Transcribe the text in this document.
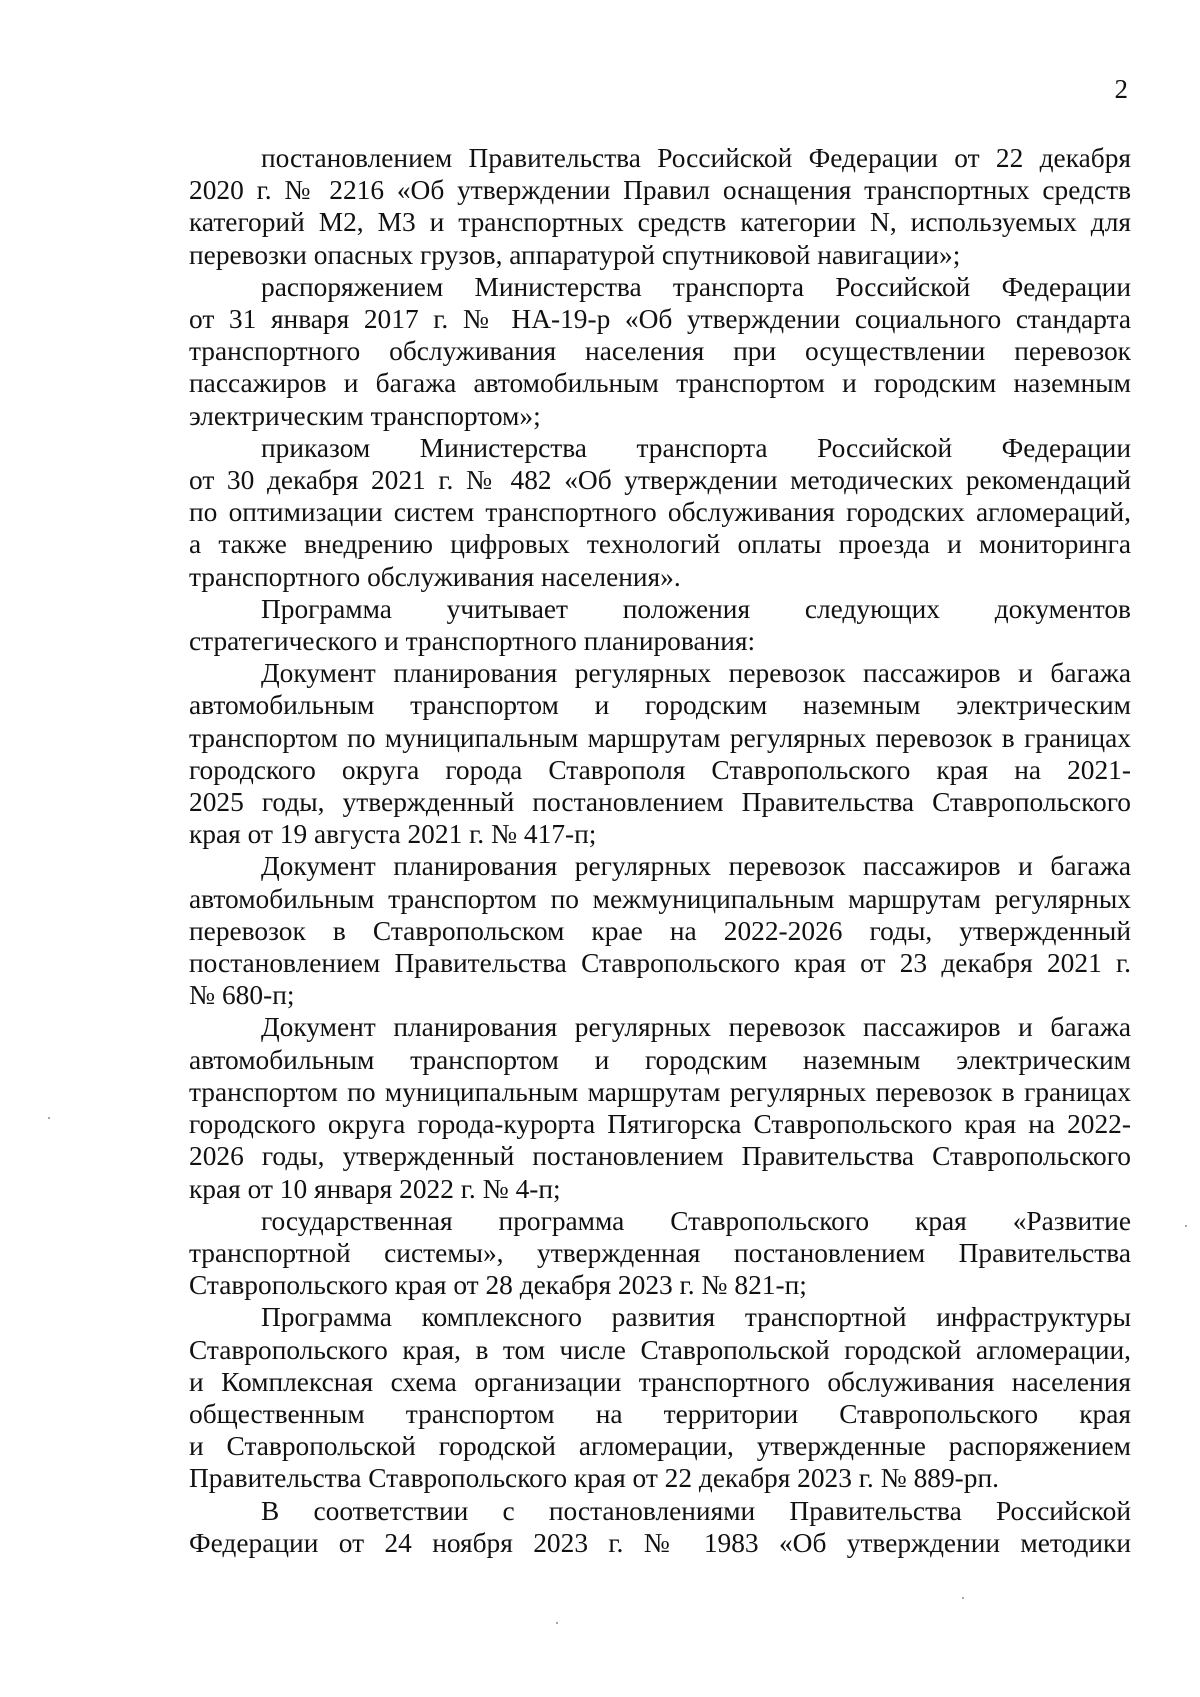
2
постановлением Правительства Российской Федерации от 22 декабря
2020 г. № 2216 «Об утверждении Правил оснащения транспортных средств
категорий М2, М3 и транспортных средств категории N, используемых для
перевозки опасных грузов, аппаратурой спутниковой навигации»;
распоряжением Министерства транспорта Российской Федерации
от 31 января 2017 г. № НА-19-р «Об утверждении социального стандарта
транспортного обслуживания населения при осуществлении перевозок
пассажиров и багажа автомобильным транспортом и городским наземным
электрическим транспортом»;
приказом Министерства транспорта Российской Федерации
от 30 декабря 2021 г. № 482 «Об утверждении методических рекомендаций
по оптимизации систем транспортного обслуживания городских агломераций,
а также внедрению цифровых технологий оплаты проезда и мониторинга
транспортного обслуживания населения».
Программа учитывает положения следующих документов
стратегического и транспортного планирования:
Документ планирования регулярных перевозок пассажиров и багажа
автомобильным транспортом и городским наземным электрическим
транспортом по муниципальным маршрутам регулярных перевозок в границах
городского округа города Ставрополя Ставропольского края на 2021-
2025 годы, утвержденный постановлением Правительства Ставропольского
края от 19 августа 2021 г. № 417-п;
Документ планирования регулярных перевозок пассажиров и багажа
автомобильным транспортом по межмуниципальным маршрутам регулярных
перевозок в Ставропольском крае на 2022-2026 годы, утвержденный
постановлением Правительства Ставропольского края от 23 декабря 2021 г.
№ 680-п;
Документ планирования регулярных перевозок пассажиров и багажа
автомобильным транспортом и городским наземным электрическим
транспортом по муниципальным маршрутам регулярных перевозок в границах
городского округа города-курорта Пятигорска Ставропольского края на 2022-
2026 годы, утвержденный постановлением Правительства Ставропольского
края от 10 января 2022 г. № 4-п;
государственная программа Ставропольского края «Развитие
транспортной системы», утвержденная постановлением Правительства
Ставропольского края от 28 декабря 2023 г. № 821-п;
Программа комплексного развития транспортной инфраструктуры
Ставропольского края, в том числе Ставропольской городской агломерации,
и Комплексная схема организации транспортного обслуживания населения
общественным транспортом на территории Ставропольского края
и Ставропольской городской агломерации, утвержденные распоряжением
Правительства Ставропольского края от 22 декабря 2023 г. № 889-рп.
В соответствии с постановлениями Правительства Российской
Федерации от 24 ноября 2023 г. № 1983 «Об утверждении методики
